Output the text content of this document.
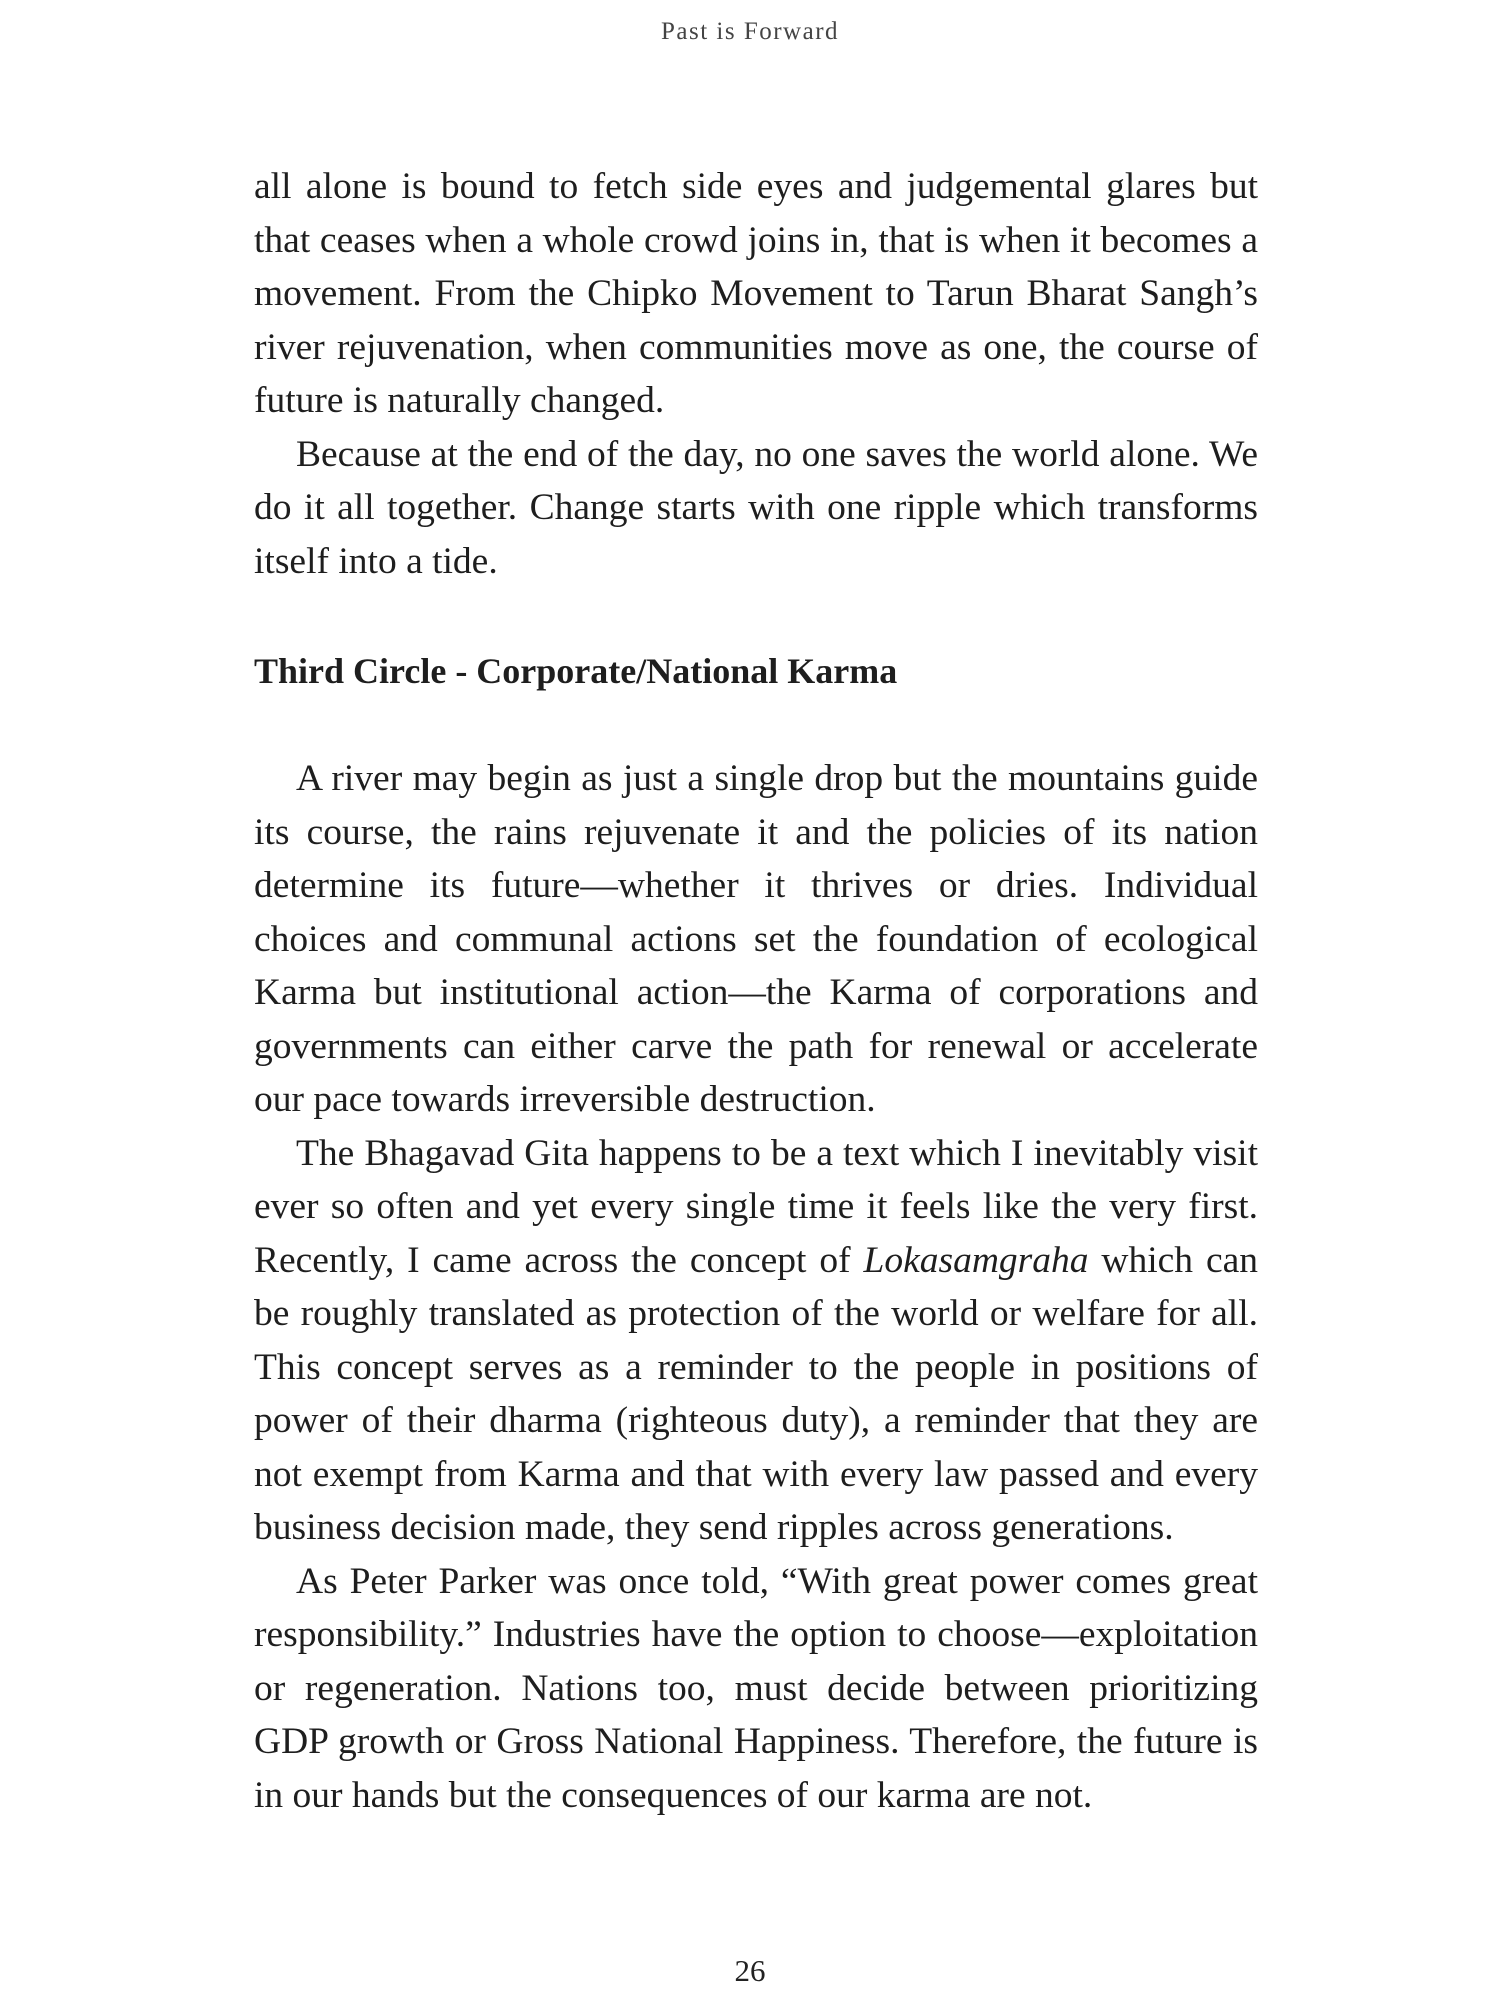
Past is Forward

all alone is bound to fetch side eyes and judgemental glares but that ceases when a whole crowd joins in, that is when it becomes a movement. From the Chipko Movement to Tarun Bharat Sangh’s river rejuvenation, when communities move as one, the course of future is naturally changed.

Because at the end of the day, no one saves the world alone. We do it all together. Change starts with one ripple which transforms itself into a tide.

Third Circle - Corporate/National Karma

A river may begin as just a single drop but the mountains guide its course, the rains rejuvenate it and the policies of its nation determine its future—whether it thrives or dries. Individual choices and communal actions set the foundation of ecological Karma but institutional action—the Karma of corporations and governments can either carve the path for renewal or accelerate our pace towards irreversible destruction.

The Bhagavad Gita happens to be a text which I inevitably visit ever so often and yet every single time it feels like the very first. Recently, I came across the concept of Lokasamgraha which can be roughly translated as protection of the world or welfare for all. This concept serves as a reminder to the people in positions of power of their dharma (righteous duty), a reminder that they are not exempt from Karma and that with every law passed and every business decision made, they send ripples across generations.

As Peter Parker was once told, “With great power comes great responsibility.” Industries have the option to choose—exploitation or regeneration. Nations too, must decide between prioritizing GDP growth or Gross National Happiness. Therefore, the future is in our hands but the consequences of our karma are not.

26
